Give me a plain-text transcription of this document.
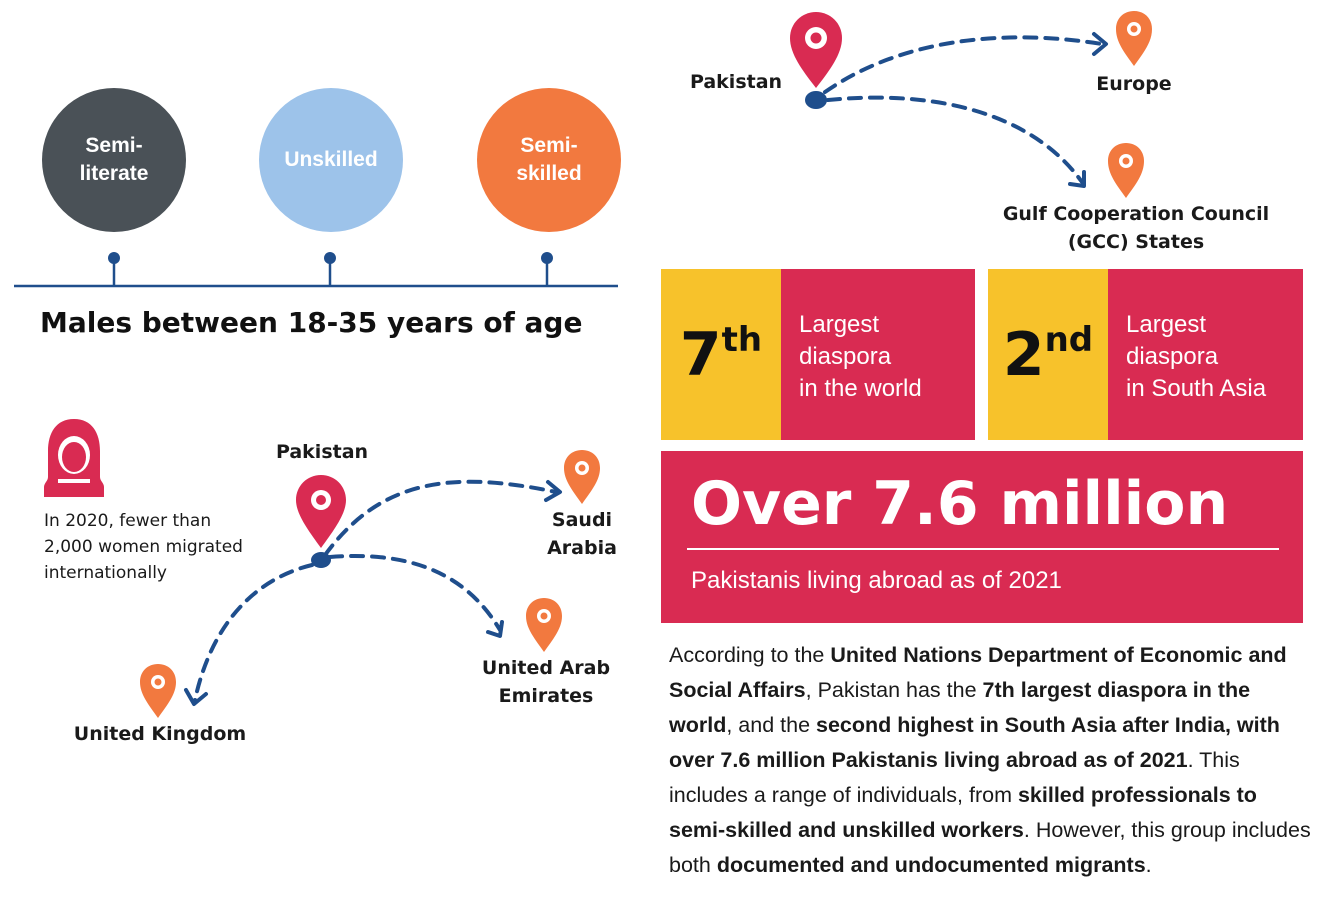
Semi-
literate
Unskilled
Semi-
skilled
Males between 18-35 years of age
In 2020, fewer than
2,000 women migrated
internationally
Pakistan
Saudi
Arabia
United Arab
Emirates
United Kingdom
Pakistan	Europe
Gulf Cooperation Council
(GCC) States
7th Largest
diaspora
in the world 2nd Largest
diaspora
in South Asia
Over 7.6 million
Pakistanis living abroad as of 2021
According to the United Nations Department of Economic and Social Affairs, Pakistan has the 7th largest diaspora in the world, and the second highest in South Asia after India, with over 7.6 million Pakistanis living abroad as of 2021. This includes a range of individuals, from skilled professionals to semi-skilled and unskilled workers. However, this group includes both documented and undocumented migrants.
